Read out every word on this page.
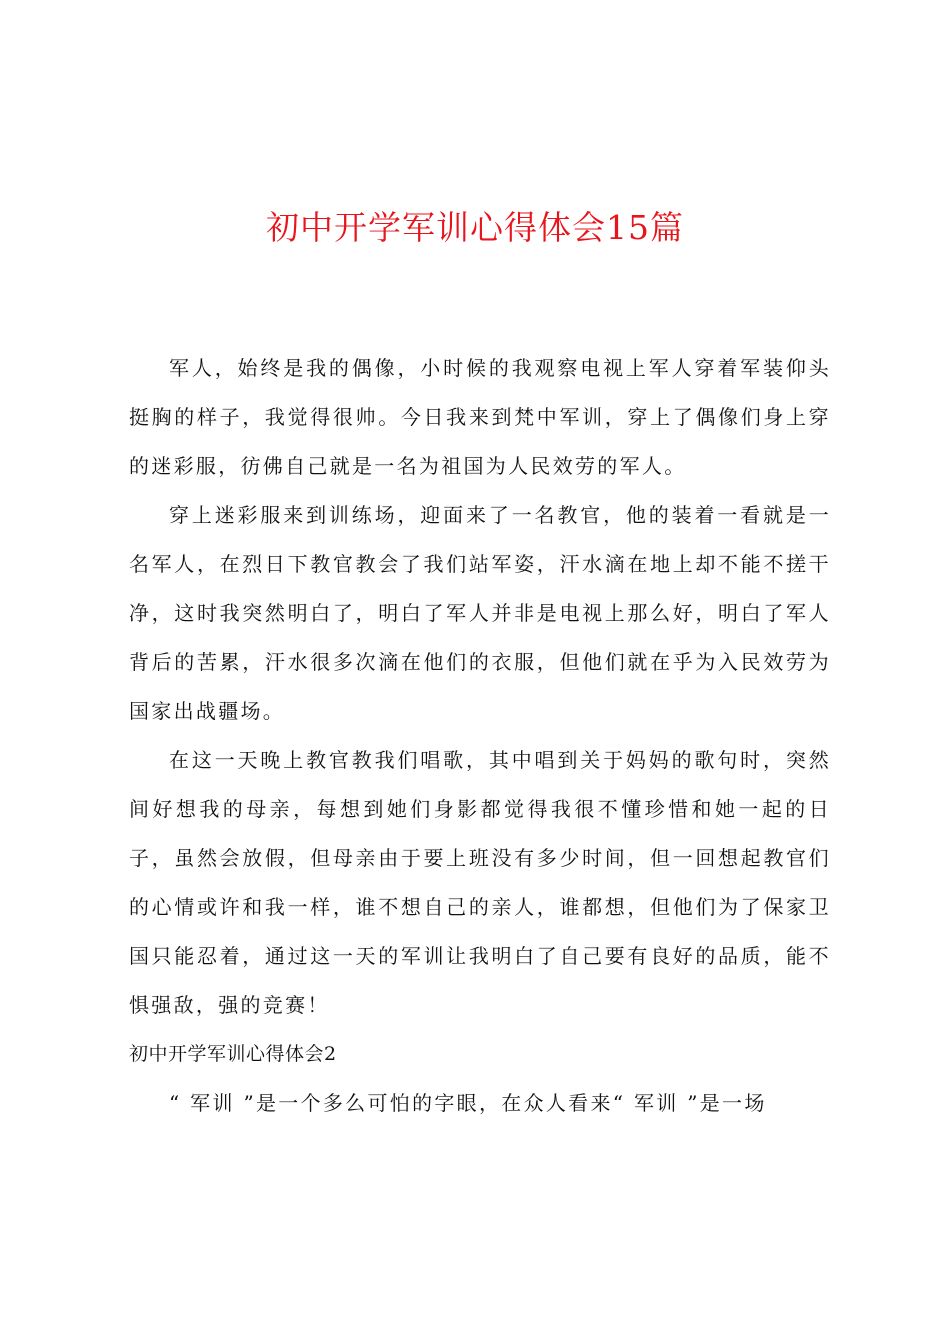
初中开学军训心得体会15篇

军人，始终是我的偶像，小时候的我观察电视上军人穿着军装仰头挺胸的样子，我觉得很帅。今日我来到梵中军训，穿上了偶像们身上穿的迷彩服，彷佛自己就是一名为祖国为人民效劳的军人。

穿上迷彩服来到训练场，迎面来了一名教官，他的装着一看就是一名军人，在烈日下教官教会了我们站军姿，汗水滴在地上却不能不搓干净，这时我突然明白了，明白了军人并非是电视上那么好，明白了军人背后的苦累，汗水很多次滴在他们的衣服，但他们就在乎为入民效劳为国家出战疆场。

在这一天晚上教官教我们唱歌，其中唱到关于妈妈的歌句时，突然间好想我的母亲，每想到她们身影都觉得我很不懂珍惜和她一起的日子，虽然会放假，但母亲由于要上班没有多少时间，但一回想起教官们的心情或许和我一样，谁不想自己的亲人，谁都想，但他们为了保家卫国只能忍着，通过这一天的军训让我明白了自己要有良好的品质，能不惧强敌，强的竞赛！

初中开学军训心得体会2

“ 军训 ”是一个多么可怕的字眼，在众人看来“ 军训 ”是一场
